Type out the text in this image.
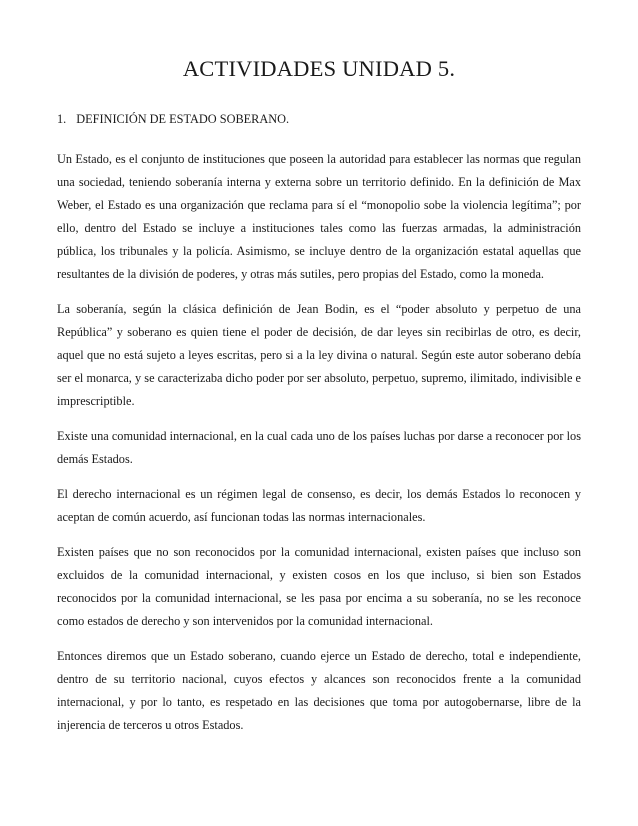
ACTIVIDADES UNIDAD 5.
1. DEFINICIÓN DE ESTADO SOBERANO.

Un Estado, es el conjunto de instituciones que poseen la autoridad para establecer las normas que regulan una sociedad, teniendo soberanía interna y externa sobre un territorio definido. En la definición de Max Weber, el Estado es una organización que reclama para sí el “monopolio sobe la violencia legítima”; por ello, dentro del Estado se incluye a instituciones tales como las fuerzas armadas, la administración pública, los tribunales y la policía. Asimismo, se incluye dentro de la organización estatal aquellas que resultantes de la división de poderes, y otras más sutiles, pero propias del Estado, como la moneda.

La soberanía, según la clásica definición de Jean Bodin, es el “poder absoluto y perpetuo de una República” y soberano es quien tiene el poder de decisión, de dar leyes sin recibirlas de otro, es decir, aquel que no está sujeto a leyes escritas, pero si a la ley divina o natural. Según este autor soberano debía ser el monarca, y se caracterizaba dicho poder por ser absoluto, perpetuo, supremo, ilimitado, indivisible e imprescriptible.

Existe una comunidad internacional, en la cual cada uno de los países luchas por darse a reconocer por los demás Estados.

El derecho internacional es un régimen legal de consenso, es decir, los demás Estados lo reconocen y aceptan de común acuerdo, así funcionan todas las normas internacionales.

Existen países que no son reconocidos por la comunidad internacional, existen países que incluso son excluidos de la comunidad internacional, y existen cosos en los que incluso, si bien son Estados reconocidos por la comunidad internacional, se les pasa por encima a su soberanía, no se les reconoce como estados de derecho y son intervenidos por la comunidad internacional.

Entonces diremos que un Estado soberano, cuando ejerce un Estado de derecho, total e independiente, dentro de su territorio nacional, cuyos efectos y alcances son reconocidos frente a la comunidad internacional, y por lo tanto, es respetado en las decisiones que toma por autogobernarse, libre de la injerencia de terceros u otros Estados.
